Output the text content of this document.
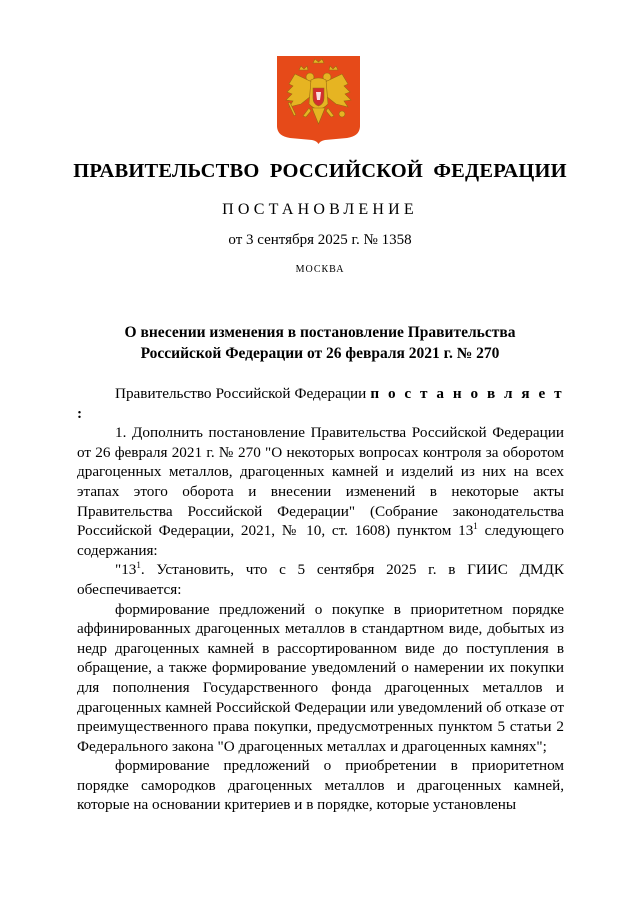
ПРАВИТЕЛЬСТВО РОССИЙСКОЙ ФЕДЕРАЦИИ
ПОСТАНОВЛЕНИЕ
от 3 сентября 2025 г. № 1358
МОСКВА
О внесении изменения в постановление Правительства
Российской Федерации от 26 февраля 2021 г. № 270

Правительство Российской Федерации п о с т а н о в л я е т :

1. Дополнить постановление Правительства Российской Федерации от 26 февраля 2021 г. № 270 "О некоторых вопросах контроля за оборотом драгоценных металлов, драгоценных камней и изделий из них на всех этапах этого оборота и внесении изменений в некоторые акты Правительства Российской Федерации" (Собрание законодательства Российской Федерации, 2021, № 10, ст. 1608) пунктом $13^1$ следующего содержания:

"$13^1$. Установить, что с 5 сентября 2025 г. в ГИИС ДМДК обеспечивается:

формирование предложений о покупке в приоритетном порядке аффинированных драгоценных металлов в стандартном виде, добытых из недр драгоценных камней в рассортированном виде до поступления в обращение, а также формирование уведомлений о намерении их покупки для пополнения Государственного фонда драгоценных металлов и драгоценных камней Российской Федерации или уведомлений об отказе от преимущественного права покупки, предусмотренных пунктом 5 статьи 2 Федерального закона "О драгоценных металлах и драгоценных камнях";

формирование предложений о приобретении в приоритетном порядке самородков драгоценных металлов и драгоценных камней, которые на основании критериев и в порядке, которые установлены
